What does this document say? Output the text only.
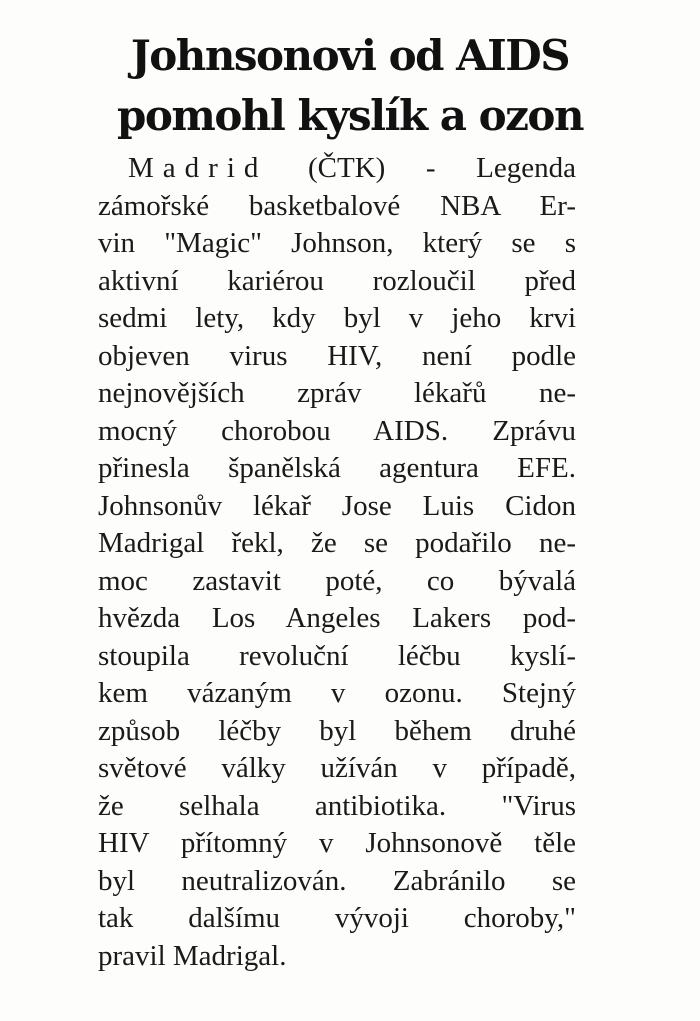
Johnsonovi od AIDS
pomohl kyslík a ozon
Madrid (ČTK) - Legenda
zámořské basketbalové NBA Er-
vin "Magic" Johnson, který se s
aktivní kariérou rozloučil před
sedmi lety, kdy byl v jeho krvi
objeven virus HIV, není podle
nejnovějších zpráv lékařů ne-
mocný chorobou AIDS. Zprávu
přinesla španělská agentura EFE.
Johnsonův lékař Jose Luis Cidon
Madrigal řekl, že se podařilo ne-
moc zastavit poté, co bývalá
hvězda Los Angeles Lakers pod-
stoupila revoluční léčbu kyslí-
kem vázaným v ozonu. Stejný
způsob léčby byl během druhé
světové války užíván v případě,
že selhala antibiotika. "Virus
HIV přítomný v Johnsonově těle
byl neutralizován. Zabránilo se
tak dalšímu vývoji choroby,"
pravil Madrigal.
